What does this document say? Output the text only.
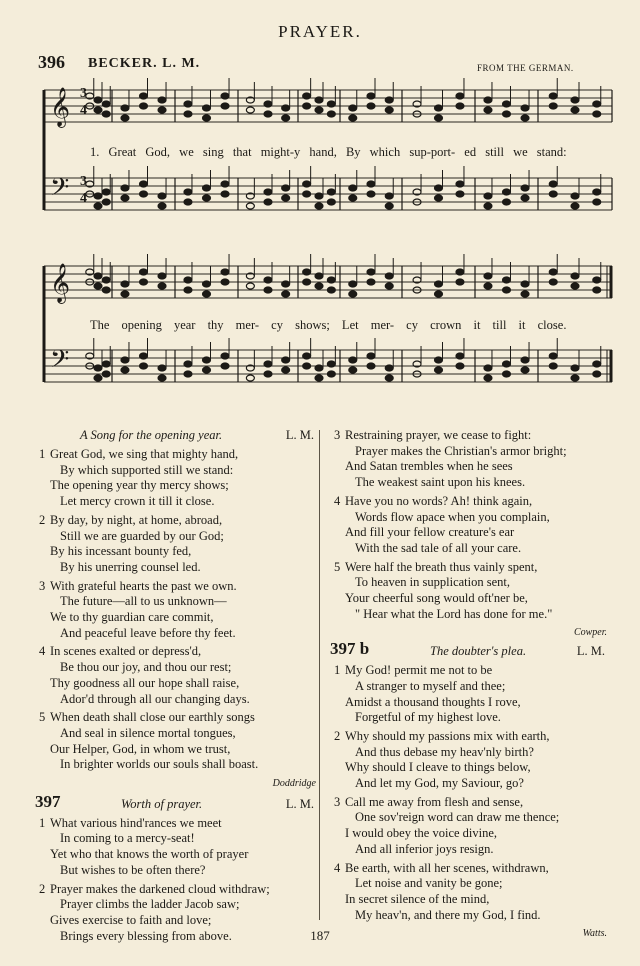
PRAYER.
396 BECKER. L. M.	FROM THE GERMAN.
𝄞
𝄢
𝄞
𝄢
3
4
3
4
1. Great God, we sing that might-y hand, By which sup-port- ed still we stand:
The opening year thy mer- cy shows; Let mer- cy crown it till it close.
A Song for the opening year.	L. M.
1 Great God, we sing that mighty hand,
By which supported still we stand:
The opening year thy mercy shows;
Let mercy crown it till it close.
2 By day, by night, at home, abroad,
Still we are guarded by our God;
By his incessant bounty fed,
By his unerring counsel led.
3 With grateful hearts the past we own.
The future—all to us unknown—
We to thy guardian care commit,
And peaceful leave before thy feet.
4 In scenes exalted or depress'd,
Be thou our joy, and thou our rest;
Thy goodness all our hope shall raise,
Ador'd through all our changing days.
5 When death shall close our earthly songs
And seal in silence mortal tongues,
Our Helper, God, in whom we trust,
In brighter worlds our souls shall boast.
Doddridge
397	Worth of prayer.	L. M.
1 What various hind'rances we meet
In coming to a mercy-seat!
Yet who that knows the worth of prayer
But wishes to be often there?
2 Prayer makes the darkened cloud withdraw;
Prayer climbs the ladder Jacob saw;
Gives exercise to faith and love;
Brings every blessing from above.
3 Restraining prayer, we cease to fight:
Prayer makes the Christian's armor bright;
And Satan trembles when he sees
The weakest saint upon his knees.
4 Have you no words? Ah! think again,
Words flow apace when you complain,
And fill your fellow creature's ear
With the sad tale of all your care.
5 Were half the breath thus vainly spent,
To heaven in supplication sent,
Your cheerful song would oft'ner be,
" Hear what the Lord has done for me."
Cowper.
397 b	The doubter's plea.	L. M.
1 My God! permit me not to be
A stranger to myself and thee;
Amidst a thousand thoughts I rove,
Forgetful of my highest love.
2 Why should my passions mix with earth,
And thus debase my heav'nly birth?
Why should I cleave to things below,
And let my God, my Saviour, go?
3 Call me away from flesh and sense,
One sov'reign word can draw me thence;
I would obey the voice divine,
And all inferior joys resign.
4 Be earth, with all her scenes, withdrawn,
Let noise and vanity be gone;
In secret silence of the mind,
My heav'n, and there my God, I find.
Watts.
187
